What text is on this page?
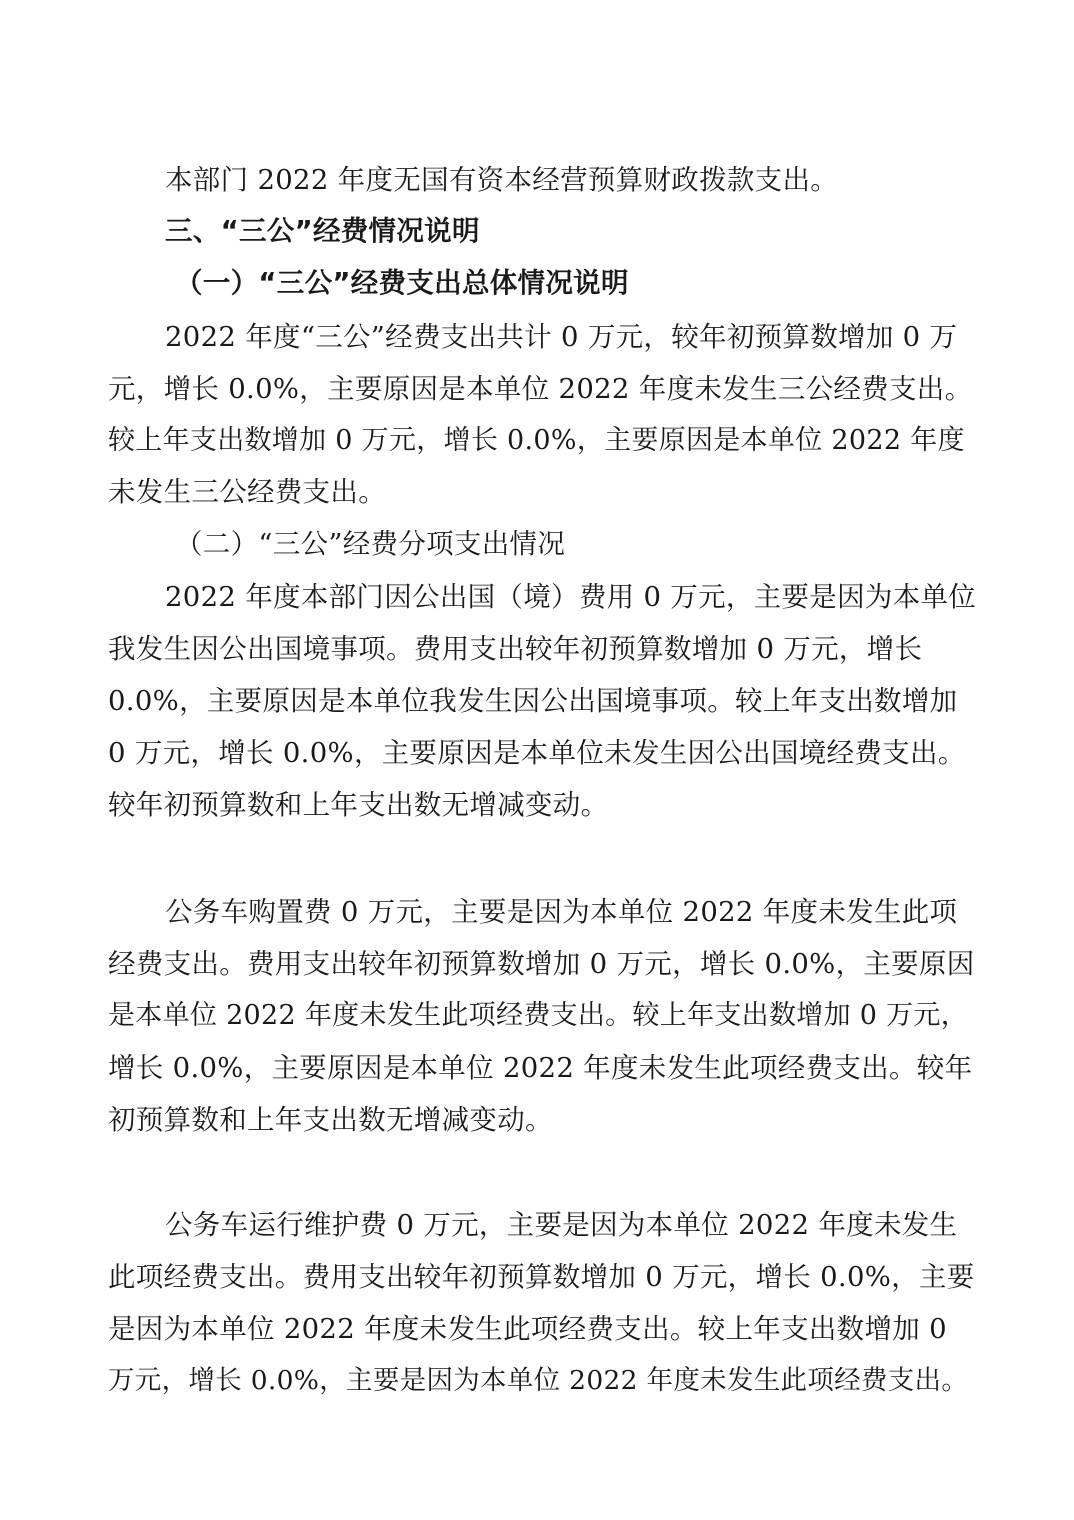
本部门 2022 年度无国有资本经营预算财政拨款支出。
三、“三公”经费情况说明
（一）“三公”经费支出总体情况说明
2022 年度“三公”经费支出共计 0 万元，较年初预算数增加 0 万
元，增长 0.0%，主要原因是本单位 2022 年度未发生三公经费支出。
较上年支出数增加 0 万元，增长 0.0%，主要原因是本单位 2022 年度
未发生三公经费支出。
（二）“三公”经费分项支出情况
2022 年度本部门因公出国（境）费用 0 万元，主要是因为本单位
我发生因公出国境事项。费用支出较年初预算数增加 0 万元，增长
0.0%，主要原因是本单位我发生因公出国境事项。较上年支出数增加
0 万元，增长 0.0%，主要原因是本单位未发生因公出国境经费支出。
较年初预算数和上年支出数无增减变动。
公务车购置费 0 万元，主要是因为本单位 2022 年度未发生此项
经费支出。费用支出较年初预算数增加 0 万元，增长 0.0%，主要原因
是本单位 2022 年度未发生此项经费支出。较上年支出数增加 0 万元，
增长 0.0%，主要原因是本单位 2022 年度未发生此项经费支出。较年
初预算数和上年支出数无增减变动。
公务车运行维护费 0 万元，主要是因为本单位 2022 年度未发生
此项经费支出。费用支出较年初预算数增加 0 万元，增长 0.0%，主要
是因为本单位 2022 年度未发生此项经费支出。较上年支出数增加 0
万元，增长 0.0%，主要是因为本单位 2022 年度未发生此项经费支出。
